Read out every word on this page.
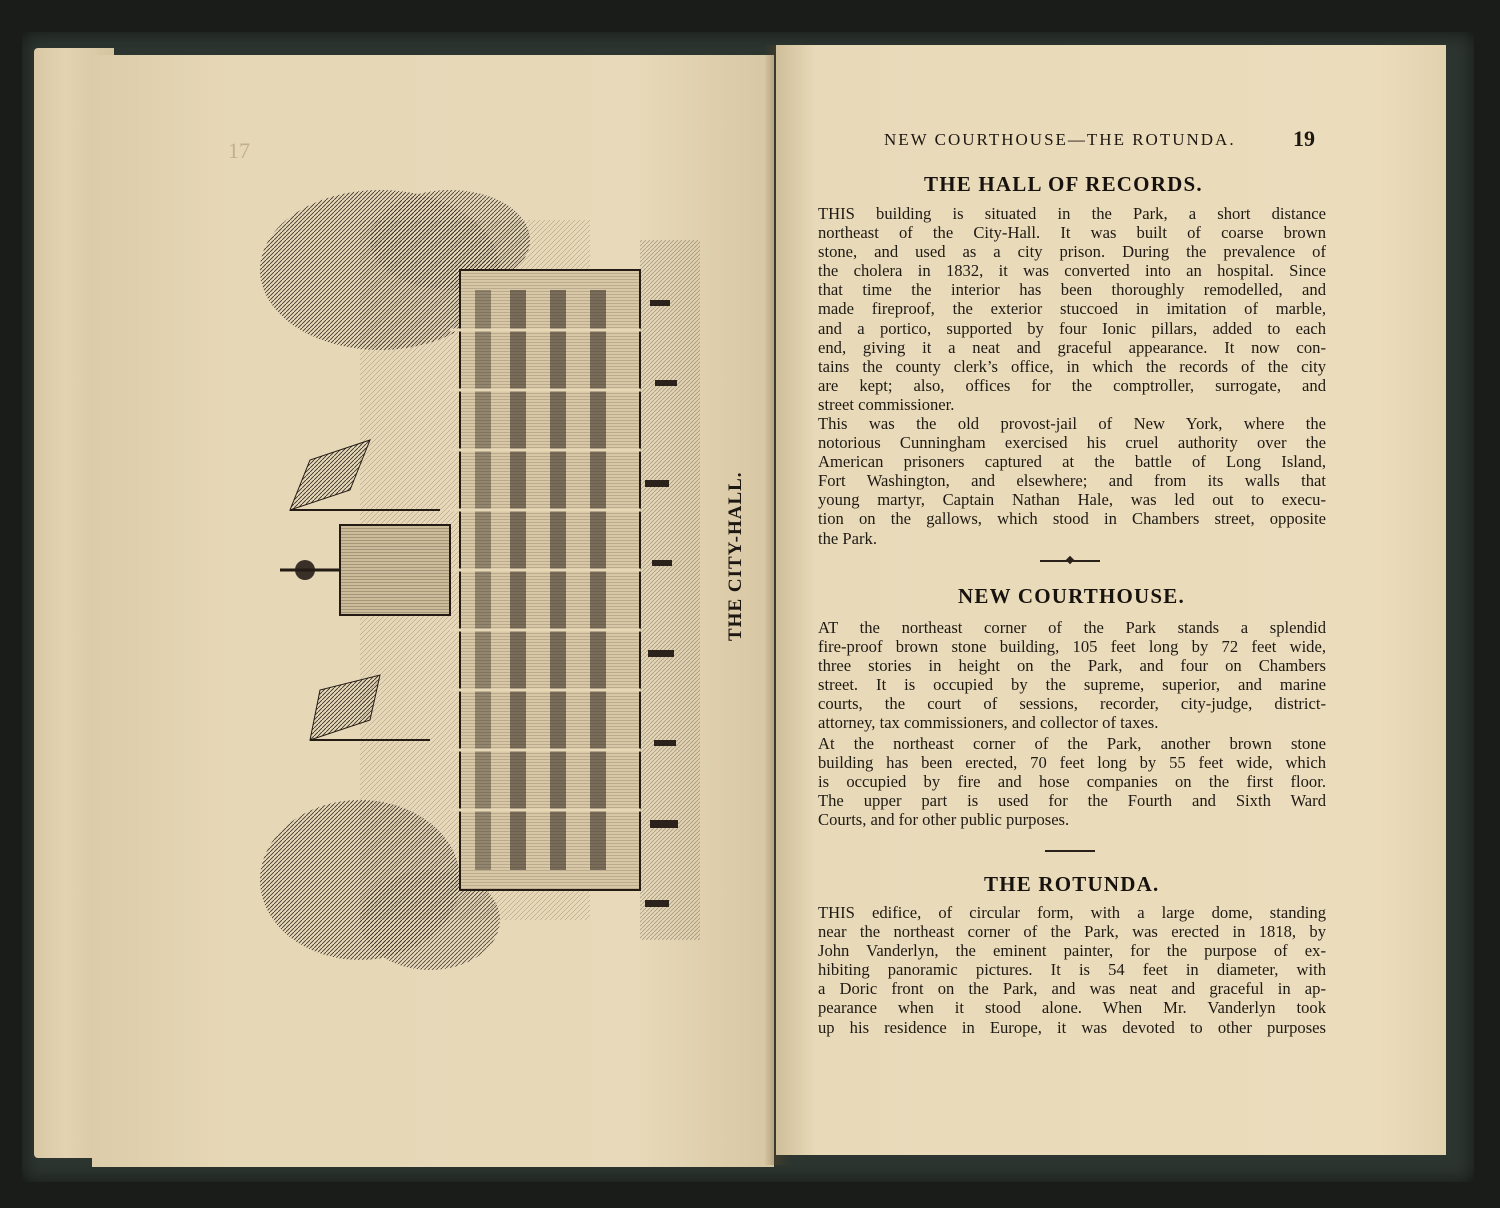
17
THE CITY-HALL.
NEW COURTHOUSE—THE ROTUNDA.	19
THE HALL OF RECORDS.
THIS building is situated in the Park, a short distance
northeast of the City-Hall. It was built of coarse brown
stone, and used as a city prison. During the prevalence of
the cholera in 1832, it was converted into an hospital. Since
that time the interior has been thoroughly remodelled, and
made fireproof, the exterior stuccoed in imitation of marble,
and a portico, supported by four Ionic pillars, added to each
end, giving it a neat and graceful appearance. It now con-
tains the county clerk’s office, in which the records of the city
are kept; also, offices for the comptroller, surrogate, and
street commissioner.
This was the old provost-jail of New York, where the
notorious Cunningham exercised his cruel authority over the
American prisoners captured at the battle of Long Island,
Fort Washington, and elsewhere; and from its walls that
young martyr, Captain Nathan Hale, was led out to execu-
tion on the gallows, which stood in Chambers street, opposite
the Park.
NEW COURTHOUSE.
AT the northeast corner of the Park stands a splendid
fire-proof brown stone building, 105 feet long by 72 feet wide,
three stories in height on the Park, and four on Chambers
street. It is occupied by the supreme, superior, and marine
courts, the court of sessions, recorder, city-judge, district-
attorney, tax commissioners, and collector of taxes.
At the northeast corner of the Park, another brown stone
building has been erected, 70 feet long by 55 feet wide, which
is occupied by fire and hose companies on the first floor.
The upper part is used for the Fourth and Sixth Ward
Courts, and for other public purposes.
THE ROTUNDA.
THIS edifice, of circular form, with a large dome, standing
near the northeast corner of the Park, was erected in 1818, by
John Vanderlyn, the eminent painter, for the purpose of ex-
hibiting panoramic pictures. It is 54 feet in diameter, with
a Doric front on the Park, and was neat and graceful in ap-
pearance when it stood alone. When Mr. Vanderlyn took
up his residence in Europe, it was devoted to other purposes
